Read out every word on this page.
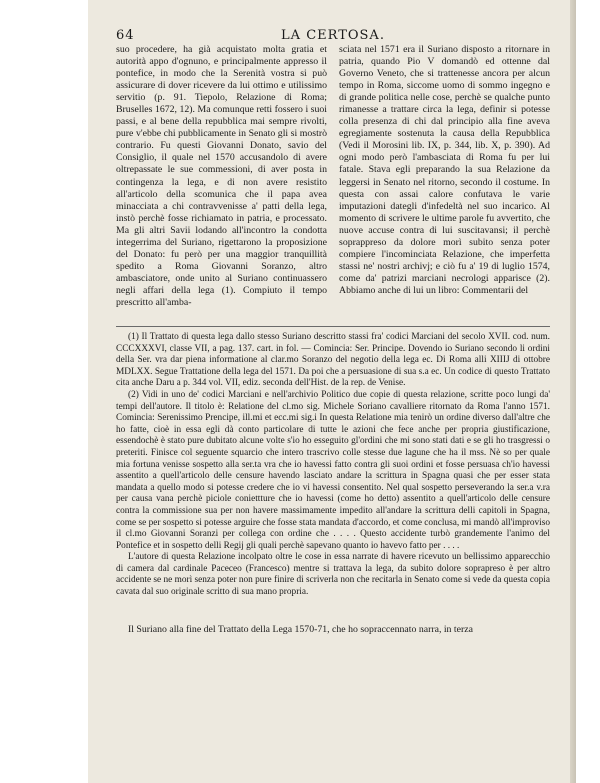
64	LA CERTOSA.
suo procedere, ha già acquistato molta gratia et autorità appo d'ognuno, e principalmente appresso il pontefice, in modo che la Serenità vostra si può assicurare di dover ricevere da lui ottimo e utilissimo servitio (p. 91. Tiepolo, Relazione di Roma; Bruselles 1672, 12). Ma comunque retti fossero i suoi passi, e al bene della repubblica mai sempre rivolti, pure v'ebbe chi pubblicamente in Senato gli si mostrò contrario. Fu questi Giovanni Donato, savio del Consiglio, il quale nel 1570 accusandolo di avere oltrepassate le sue commessioni, di aver posta in contingenza la lega, e di non avere resistito all'articolo della scomunica che il papa avea minacciata a chi contravvenisse a' patti della lega, instò perchè fosse richiamato in patria, e processato. Ma gli altri Savii lodando all'incontro la condotta integerrima del Suriano, rigettarono la proposizione del Donato: fu però per una maggior tranquillità spedito a Roma Giovanni Soranzo, altro ambasciatore, onde unito al Suriano continuassero negli affari della lega (1). Compiuto il tempo prescritto all'amba-
sciata nel 1571 era il Suriano disposto a ritornare in patria, quando Pio V domandò ed ottenne dal Governo Veneto, che si trattenesse ancora per alcun tempo in Roma, siccome uomo di sommo ingegno e di grande politica nelle cose, perchè se qualche punto rimanesse a trattare circa la lega, definir si potesse colla presenza di chi dal principio alla fine aveva egregiamente sostenuta la causa della Repubblica (Vedi il Morosini lib. IX, p. 344, lib. X, p. 390). Ad ogni modo però l'ambasciata di Roma fu per lui fatale. Stava egli preparando la sua Relazione da leggersi in Senato nel ritorno, secondo il costume. In questa con assai calore confutava le varie imputazioni dategli d'infedeltà nel suo incarico. Al momento di scrivere le ultime parole fu avvertito, che nuove accuse contra di lui suscitavansi; il perchè soprappreso da dolore morì subito senza poter compiere l'incominciata Relazione, che imperfetta stassi ne' nostri archivj; e ciò fu a' 19 di luglio 1574, come da' patrizi marciani necrologi apparisce (2). Abbiamo anche di lui un libro: Commentarii del

(1) Il Trattato di questa lega dallo stesso Suriano descritto stassi fra' codici Marciani del secolo XVII. cod. num. CCCXXXVI, classe VII, a pag. 137. cart. in fol. — Comincia: Ser. Principe. Dovendo io Suriano secondo li ordini della Ser. vra dar piena informatione al clar.mo Soranzo del negotio della lega ec. Di Roma alli XIIIJ di ottobre MDLXX. Segue Trattatione della lega del 1571. Da poi che a persuasione di sua s.a ec. Un codice di questo Trattato cita anche Daru a p. 344 vol. VII, ediz. seconda dell'Hist. de la rep. de Venise.

(2) Vidi in uno de' codici Marciani e nell'archivio Politico due copie di questa relazione, scritte poco lungi da' tempi dell'autore. Il titolo è: Relatione del cl.mo sig. Michele Soriano cavalliere ritornato da Roma l'anno 1571. Comincia: Serenissimo Prencipe, ill.mi et ecc.mi sig.i In questa Relatione mia tenirò un ordine diverso dall'altre che ho fatte, cioè in essa egli dà conto particolare di tutte le azioni che fece anche per propria giustificazione, essendochè è stato pure dubitato alcune volte s'io ho esseguito gl'ordini che mi sono stati dati e se gli ho trasgressi o preteriti. Finisce col seguente squarcio che intero trascrivo colle stesse due lagune che ha il mss. Nè so per quale mia fortuna venisse sospetto alla ser.ta vra che io havessi fatto contra gli suoi ordini et fosse persuasa ch'io havessi assentito a quell'articolo delle censure havendo lasciato andare la scrittura in Spagna quasi che per esser stata mandata a quello modo si potesse credere che io vi havessi consentito. Nel qual sospetto perseverando la ser.a v.ra per causa vana perchè piciole coniettture che io havessi (come ho detto) assentito a quell'articolo delle censure contra la commissione sua per non havere massimamente impedito all'andare la scrittura delli capitoli in Spagna, come se per sospetto si potesse arguire che fosse stata mandata d'accordo, et come conclusa, mi mandò all'improviso il cl.mo Giovanni Soranzi per collega con ordine che . . . . Questo accidente turbò grandemente l'animo del Pontefice et in sospetto delli Regij gli quali perchè sapevano quanto io havevo fatto per . . . .

L'autore di questa Relazione incolpato oltre le cose in essa narrate di havere ricevuto un bellissimo apparecchio di camera dal cardinale Paceceo (Francesco) mentre si trattava la lega, da subito dolore soprapreso è per altro accidente se ne morì senza poter non pure finire di scriverla non che recitarla in Senato come si vede da questa copia cavata dal suo originale scritto di sua mano propria.

Il Suriano alla fine del Trattato della Lega 1570-71, che ho sopraccennato narra, in terza
